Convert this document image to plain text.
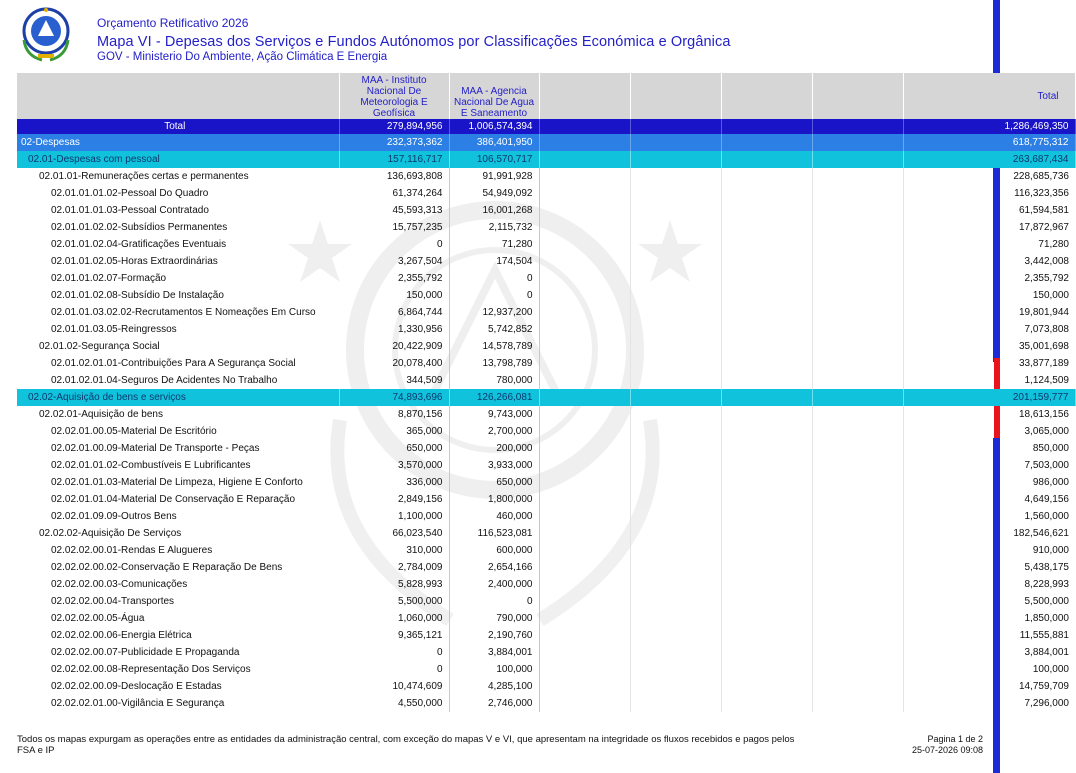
Orçamento Retificativo 2026
Mapa VI - Depesas dos Serviços e Fundos Autónomos por Classificações Económica e Orgânica
GOV - Ministerio Do Ambiente, Ação Climática E Energia
	MAA - Instituto Nacional De Meteorologia E Geofísica	MAA - Agencia Nacional De Agua E Saneamento					Total
Total	279,894,956	1,006,574,394					1,286,469,350
02-Despesas	232,373,362	386,401,950					618,775,312
02.01-Despesas com pessoal	157,116,717	106,570,717					263,687,434
02.01.01-Remunerações certas e permanentes	136,693,808	91,991,928					228,685,736
02.01.01.01.02-Pessoal Do Quadro	61,374,264	54,949,092					116,323,356
02.01.01.01.03-Pessoal Contratado	45,593,313	16,001,268					61,594,581
02.01.01.02.02-Subsídios Permanentes	15,757,235	2,115,732					17,872,967
02.01.01.02.04-Gratificações Eventuais	0	71,280					71,280
02.01.01.02.05-Horas Extraordinárias	3,267,504	174,504					3,442,008
02.01.01.02.07-Formação	2,355,792	0					2,355,792
02.01.01.02.08-Subsídio De Instalação	150,000	0					150,000
02.01.01.03.02.02-Recrutamentos E Nomeações Em Curso	6,864,744	12,937,200					19,801,944
02.01.01.03.05-Reingressos	1,330,956	5,742,852					7,073,808
02.01.02-Segurança Social	20,422,909	14,578,789					35,001,698
02.01.02.01.01-Contribuições Para A Segurança Social	20,078,400	13,798,789					33,877,189
02.01.02.01.04-Seguros De Acidentes No Trabalho	344,509	780,000					1,124,509
02.02-Aquisição de bens e serviços	74,893,696	126,266,081					201,159,777
02.02.01-Aquisição de bens	8,870,156	9,743,000					18,613,156
02.02.01.00.05-Material De Escritório	365,000	2,700,000					3,065,000
02.02.01.00.09-Material De Transporte - Peças	650,000	200,000					850,000
02.02.01.01.02-Combustíveis E Lubrificantes	3,570,000	3,933,000					7,503,000
02.02.01.01.03-Material De Limpeza, Higiene E Conforto	336,000	650,000					986,000
02.02.01.01.04-Material De Conservação E Reparação	2,849,156	1,800,000					4,649,156
02.02.01.09.09-Outros Bens	1,100,000	460,000					1,560,000
02.02.02-Aquisição De Serviços	66,023,540	116,523,081					182,546,621
02.02.02.00.01-Rendas E Alugueres	310,000	600,000					910,000
02.02.02.00.02-Conservação E Reparação De Bens	2,784,009	2,654,166					5,438,175
02.02.02.00.03-Comunicações	5,828,993	2,400,000					8,228,993
02.02.02.00.04-Transportes	5,500,000	0					5,500,000
02.02.02.00.05-Água	1,060,000	790,000					1,850,000
02.02.02.00.06-Energia Elétrica	9,365,121	2,190,760					11,555,881
02.02.02.00.07-Publicidade E Propaganda	0	3,884,001					3,884,001
02.02.02.00.08-Representação Dos Serviços	0	100,000					100,000
02.02.02.00.09-Deslocação E Estadas	10,474,609	4,285,100					14,759,709
02.02.02.01.00-Vigilância E Segurança	4,550,000	2,746,000					7,296,000
Todos os mapas expurgam as operações entre as entidades da administração central, com exceção do mapas V e VI, que apresentam na integridade os fluxos recebidos e pagos pelos FSA e IP
Pagina 1 de 2
25-07-2026 09:08
